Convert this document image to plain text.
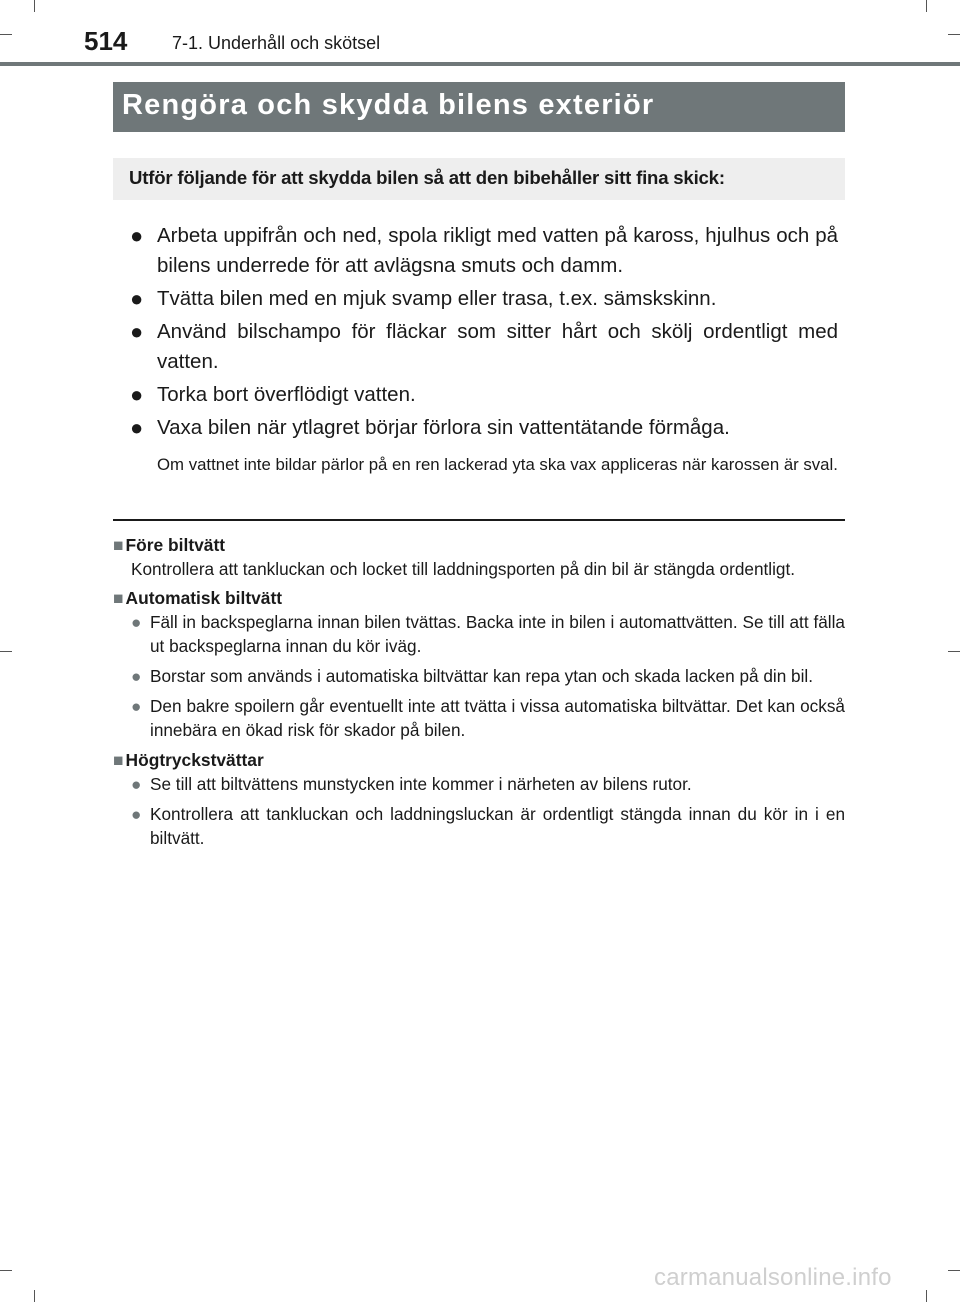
514 7-1. Underhåll och skötsel
Rengöra och skydda bilens exteriör
Utför följande för att skydda bilen så att den bibehåller sitt fina skick:
● Arbeta uppifrån och ned, spola rikligt med vatten på kaross, hjulhus och på bilens underrede för att avlägsna smuts och damm.
● Tvätta bilen med en mjuk svamp eller trasa, t.ex. sämskskinn.
● Använd bilschampo för fläckar som sitter hårt och skölj ordentligt med vatten.
● Torka bort överflödigt vatten.
● Vaxa bilen när ytlagret börjar förlora sin vattentätande förmåga.
Om vattnet inte bildar pärlor på en ren lackerad yta ska vax appliceras när karossen är sval.
■ Före biltvätt
Kontrollera att tankluckan och locket till laddningsporten på din bil är stängda ordentligt.
■ Automatisk biltvätt
● Fäll in backspeglarna innan bilen tvättas. Backa inte in bilen i automattvätten. Se till att fälla ut backspeglarna innan du kör iväg.
● Borstar som används i automatiska biltvättar kan repa ytan och skada lacken på din bil.
● Den bakre spoilern går eventuellt inte att tvätta i vissa automatiska biltvättar. Det kan också innebära en ökad risk för skador på bilen.
■ Högtryckstvättar
● Se till att biltvättens munstycken inte kommer i närheten av bilens rutor.
● Kontrollera att tankluckan och laddningsluckan är ordentligt stängda innan du kör in i en biltvätt.
carmanualsonline.info
